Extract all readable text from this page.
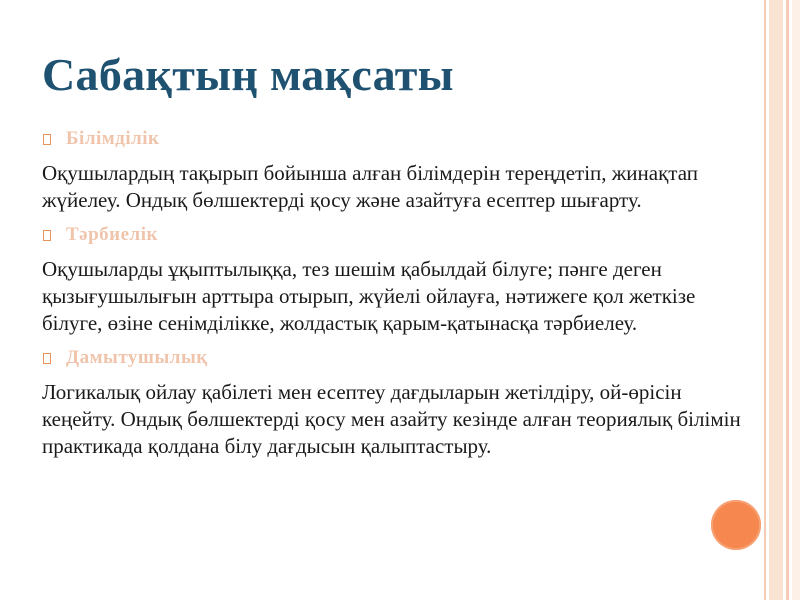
Сабақтың мақсаты
Білімділік

Оқушылардың тақырып бойынша алған білімдерін тереңдетіп, жинақтап жүйелеу. Ондық бөлшектерді қосу және азайтуға есептер шығарту.

Тәрбиелік

Оқушыларды ұқыптылыққа, тез шешім қабылдай білуге; пәнге деген қызығушылығын арттыра отырып, жүйелі ойлауға, нәтижеге қол жеткізе білуге, өзіне сенімділікке, жолдастық қарым-қатынасқа тәрбиелеу.

Дамытушылық

Логикалық ойлау қабілеті мен есептеу дағдыларын жетілдіру, ой-өрісін кеңейту. Ондық бөлшектерді қосу мен азайту кезінде алған теориялық білімін практикада қолдана білу дағдысын қалыптастыру.
